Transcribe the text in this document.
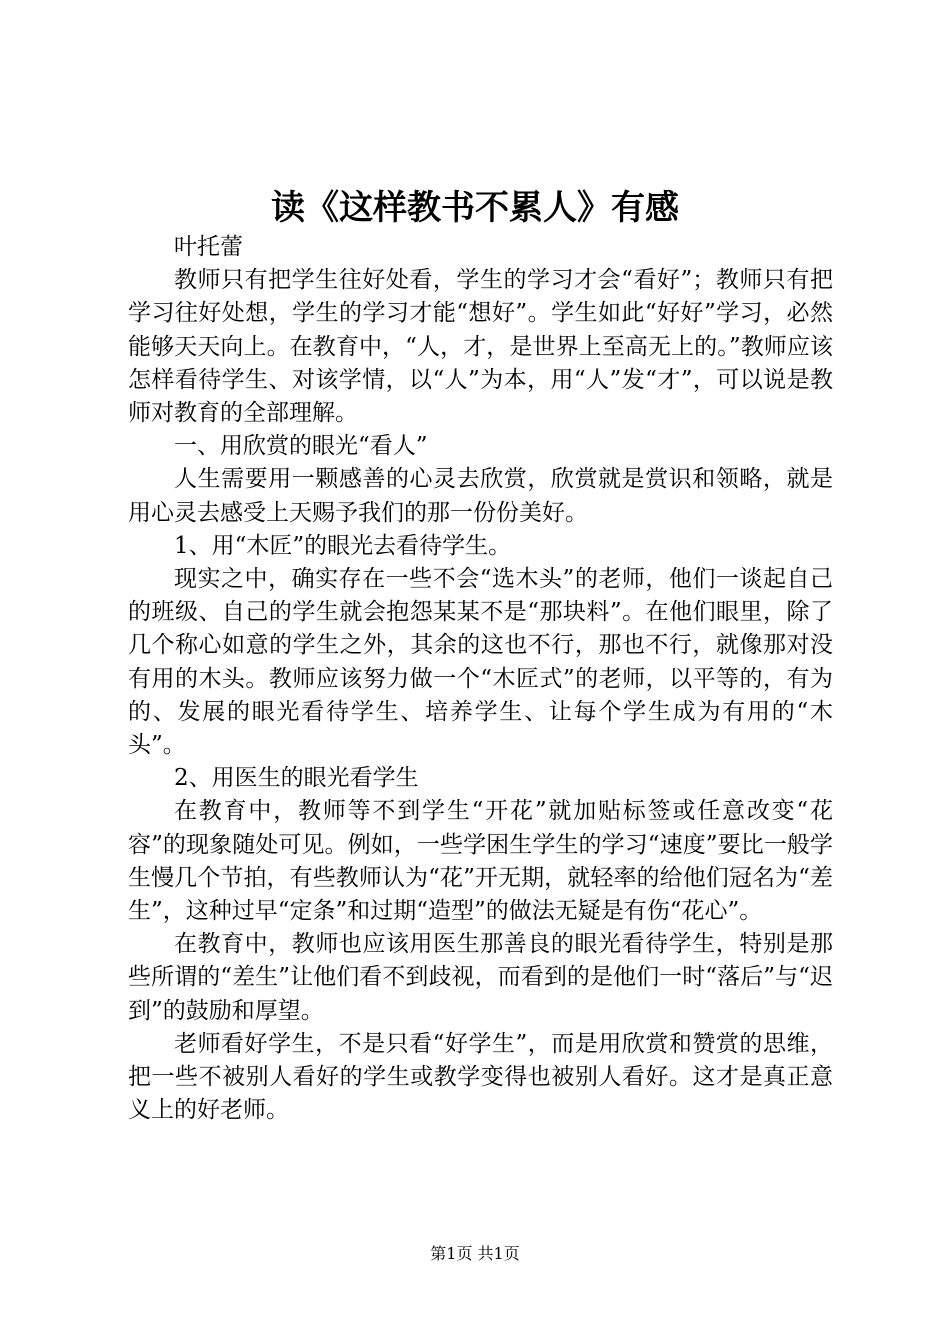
读《这样教书不累人》有感

叶托蕾

教师只有把学生往好处看，学生的学习才会“看好”；教师只有把学习往好处想，学生的学习才能“想好”。学生如此“好好”学习，必然能够天天向上。在教育中，“人，才，是世界上至高无上的。”教师应该怎样看待学生、对该学情，以“人”为本，用“人”发“才”，可以说是教师对教育的全部理解。

一、用欣赏的眼光“看人”

人生需要用一颗感善的心灵去欣赏，欣赏就是赏识和领略，就是用心灵去感受上天赐予我们的那一份份美好。

1、用“木匠”的眼光去看待学生。

现实之中，确实存在一些不会“选木头”的老师，他们一谈起自己的班级、自己的学生就会抱怨某某不是“那块料”。在他们眼里，除了几个称心如意的学生之外，其余的这也不行，那也不行，就像那对没有用的木头。教师应该努力做一个“木匠式”的老师，以平等的，有为的、发展的眼光看待学生、培养学生、让每个学生成为有用的“木头”。

2、用医生的眼光看学生

在教育中，教师等不到学生“开花”就加贴标签或任意改变“花容”的现象随处可见。例如，一些学困生学生的学习“速度”要比一般学生慢几个节拍，有些教师认为“花”开无期，就轻率的给他们冠名为“差生”，这种过早“定条”和过期“造型”的做法无疑是有伤“花心”。

在教育中，教师也应该用医生那善良的眼光看待学生，特别是那些所谓的“差生”让他们看不到歧视，而看到的是他们一时“落后”与“迟到”的鼓励和厚望。

老师看好学生，不是只看“好学生”，而是用欣赏和赞赏的思维，把一些不被别人看好的学生或教学变得也被别人看好。这才是真正意义上的好老师。

第1页 共1页
